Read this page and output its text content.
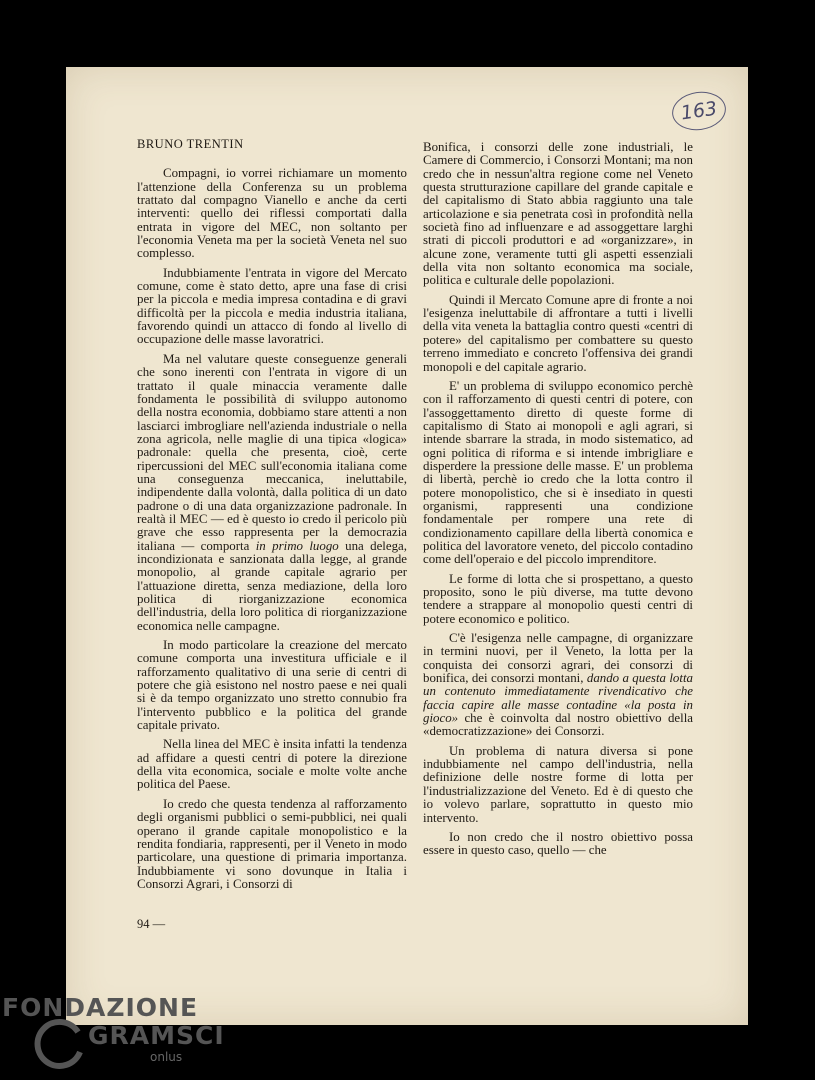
163
BRUNO TRENTIN

Compagni, io vorrei richiamare un momento l'attenzione della Conferenza su un problema trattato dal compagno Vianello e anche da certi interventi: quello dei riflessi comportati dalla entrata in vigore del MEC, non soltanto per l'economia Veneta ma per la società Veneta nel suo complesso.

Indubbiamente l'entrata in vigore del Mercato comune, come è stato detto, apre una fase di crisi per la piccola e media impresa contadina e di gravi difficoltà per la piccola e media industria italiana, favorendo quindi un attacco di fondo al livello di occupazione delle masse lavoratrici.

Ma nel valutare queste conseguenze generali che sono inerenti con l'entrata in vigore di un trattato il quale minaccia veramente dalle fondamenta le possibilità di sviluppo autonomo della nostra economia, dobbiamo stare attenti a non lasciarci imbrogliare nell'azienda industriale o nella zona agricola, nelle maglie di una tipica «logica» padronale: quella che presenta, cioè, certe ripercussioni del MEC sull'economia italiana come una conseguenza meccanica, ineluttabile, indipendente dalla volontà, dalla politica di un dato padrone o di una data organizzazione padronale. In realtà il MEC — ed è questo io credo il pericolo più grave che esso rappresenta per la democrazia italiana — comporta in primo luogo una delega, incondizionata e sanzionata dalla legge, al grande monopolio, al grande capitale agrario per l'attuazione diretta, senza mediazione, della loro politica di riorganizzazione economica dell'industria, della loro politica di riorganizzazione economica nelle campagne.

In modo particolare la creazione del mercato comune comporta una investitura ufficiale e il rafforzamento qualitativo di una serie di centri di potere che già esistono nel nostro paese e nei quali si è da tempo organizzato uno stretto connubio fra l'intervento pubblico e la politica del grande capitale privato.

Nella linea del MEC è insita infatti la tendenza ad affidare a questi centri di potere la direzione della vita economica, sociale e molte volte anche politica del Paese.

Io credo che questa tendenza al rafforzamento degli organismi pubblici o semi-pubblici, nei quali operano il grande capitale monopolistico e la rendita fondiaria, rappresenti, per il Veneto in modo particolare, una questione di primaria importanza. Indubbiamente vi sono dovunque in Italia i Consorzi Agrari, i Consorzi di

Bonifica, i consorzi delle zone industriali, le Camere di Commercio, i Consorzi Montani; ma non credo che in nessun'altra regione come nel Veneto questa strutturazione capillare del grande capitale e del capitalismo di Stato abbia raggiunto una tale articolazione e sia penetrata così in profondità nella società fino ad influenzare e ad assoggettare larghi strati di piccoli produttori e ad «organizzare», in alcune zone, veramente tutti gli aspetti essenziali della vita non soltanto economica ma sociale, politica e culturale delle popolazioni.

Quindi il Mercato Comune apre di fronte a noi l'esigenza ineluttabile di affrontare a tutti i livelli della vita veneta la battaglia contro questi «centri di potere» del capitalismo per combattere su questo terreno immediato e concreto l'offensiva dei grandi monopoli e del capitale agrario.

E' un problema di sviluppo economico perchè con il rafforzamento di questi centri di potere, con l'assoggettamento diretto di queste forme di capitalismo di Stato ai monopoli e agli agrari, si intende sbarrare la strada, in modo sistematico, ad ogni politica di riforma e si intende imbrigliare e disperdere la pressione delle masse. E' un problema di libertà, perchè io credo che la lotta contro il potere monopolistico, che si è insediato in questi organismi, rappresenti una condizione fondamentale per rompere una rete di condizionamento capillare della libertà conomica e politica del lavoratore veneto, del piccolo contadino come dell'operaio e del piccolo imprenditore.

Le forme di lotta che si prospettano, a questo proposito, sono le più diverse, ma tutte devono tendere a strappare al monopolio questi centri di potere economico e politico.

C'è l'esigenza nelle campagne, di organizzare in termini nuovi, per il Veneto, la lotta per la conquista dei consorzi agrari, dei consorzi di bonifica, dei consorzi montani, dando a questa lotta un contenuto immediatamente rivendicativo che faccia capire alle masse contadine «la posta in gioco» che è coinvolta dal nostro obiettivo della «democratizzazione» dei Consorzi.

Un problema di natura diversa si pone indubbiamente nel campo dell'industria, nella definizione delle nostre forme di lotta per l'industrializzazione del Veneto. Ed è di questo che io volevo parlare, soprattutto in questo mio intervento.

Io non credo che il nostro obiettivo possa essere in questo caso, quello — che

94 —
FONDAZIONE
GRAMSCI
onlus
